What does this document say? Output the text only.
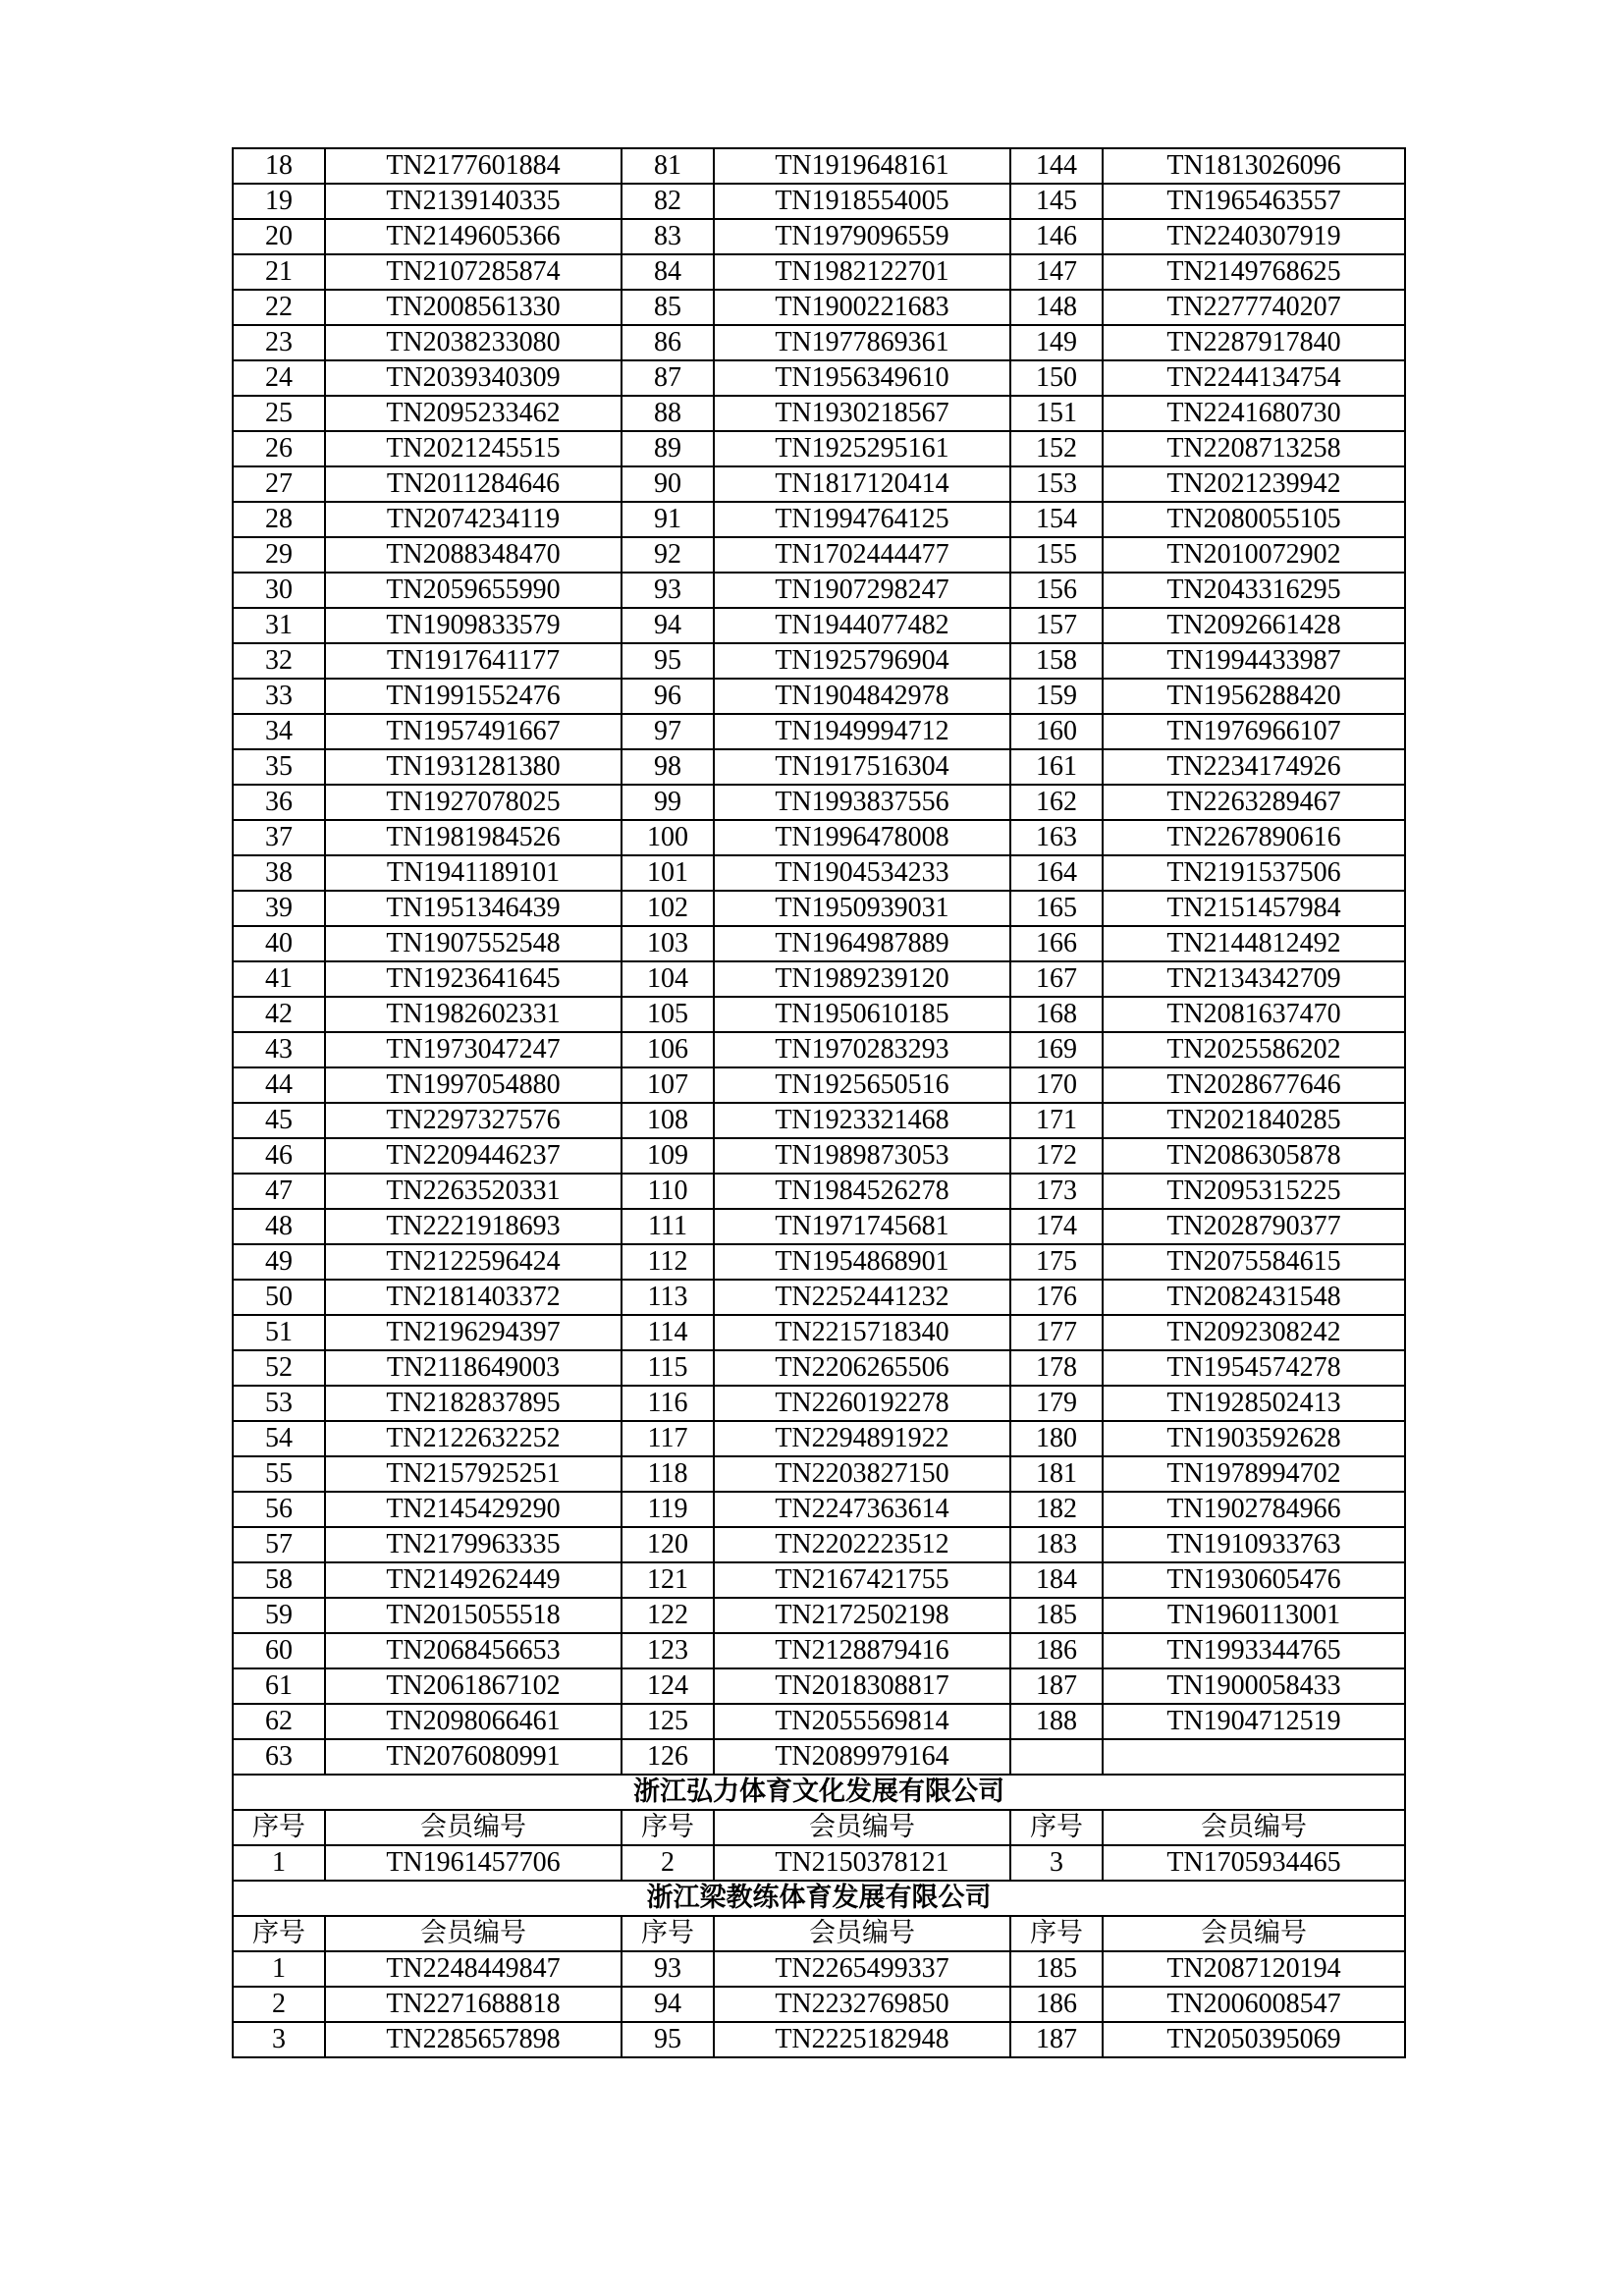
18	TN2177601884	81	TN1919648161	144	TN1813026096
19	TN2139140335	82	TN1918554005	145	TN1965463557
20	TN2149605366	83	TN1979096559	146	TN2240307919
21	TN2107285874	84	TN1982122701	147	TN2149768625
22	TN2008561330	85	TN1900221683	148	TN2277740207
23	TN2038233080	86	TN1977869361	149	TN2287917840
24	TN2039340309	87	TN1956349610	150	TN2244134754
25	TN2095233462	88	TN1930218567	151	TN2241680730
26	TN2021245515	89	TN1925295161	152	TN2208713258
27	TN2011284646	90	TN1817120414	153	TN2021239942
28	TN2074234119	91	TN1994764125	154	TN2080055105
29	TN2088348470	92	TN1702444477	155	TN2010072902
30	TN2059655990	93	TN1907298247	156	TN2043316295
31	TN1909833579	94	TN1944077482	157	TN2092661428
32	TN1917641177	95	TN1925796904	158	TN1994433987
33	TN1991552476	96	TN1904842978	159	TN1956288420
34	TN1957491667	97	TN1949994712	160	TN1976966107
35	TN1931281380	98	TN1917516304	161	TN2234174926
36	TN1927078025	99	TN1993837556	162	TN2263289467
37	TN1981984526	100	TN1996478008	163	TN2267890616
38	TN1941189101	101	TN1904534233	164	TN2191537506
39	TN1951346439	102	TN1950939031	165	TN2151457984
40	TN1907552548	103	TN1964987889	166	TN2144812492
41	TN1923641645	104	TN1989239120	167	TN2134342709
42	TN1982602331	105	TN1950610185	168	TN2081637470
43	TN1973047247	106	TN1970283293	169	TN2025586202
44	TN1997054880	107	TN1925650516	170	TN2028677646
45	TN2297327576	108	TN1923321468	171	TN2021840285
46	TN2209446237	109	TN1989873053	172	TN2086305878
47	TN2263520331	110	TN1984526278	173	TN2095315225
48	TN2221918693	111	TN1971745681	174	TN2028790377
49	TN2122596424	112	TN1954868901	175	TN2075584615
50	TN2181403372	113	TN2252441232	176	TN2082431548
51	TN2196294397	114	TN2215718340	177	TN2092308242
52	TN2118649003	115	TN2206265506	178	TN1954574278
53	TN2182837895	116	TN2260192278	179	TN1928502413
54	TN2122632252	117	TN2294891922	180	TN1903592628
55	TN2157925251	118	TN2203827150	181	TN1978994702
56	TN2145429290	119	TN2247363614	182	TN1902784966
57	TN2179963335	120	TN2202223512	183	TN1910933763
58	TN2149262449	121	TN2167421755	184	TN1930605476
59	TN2015055518	122	TN2172502198	185	TN1960113001
60	TN2068456653	123	TN2128879416	186	TN1993344765
61	TN2061867102	124	TN2018308817	187	TN1900058433
62	TN2098066461	125	TN2055569814	188	TN1904712519
63	TN2076080991	126	TN2089979164		
浙江弘力体育文化发展有限公司					
序号	会员编号	序号	会员编号	序号	会员编号
1	TN1961457706	2	TN2150378121	3	TN1705934465
浙江梁教练体育发展有限公司					
序号	会员编号	序号	会员编号	序号	会员编号
1	TN2248449847	93	TN2265499337	185	TN2087120194
2	TN2271688818	94	TN2232769850	186	TN2006008547
3	TN2285657898	95	TN2225182948	187	TN2050395069
